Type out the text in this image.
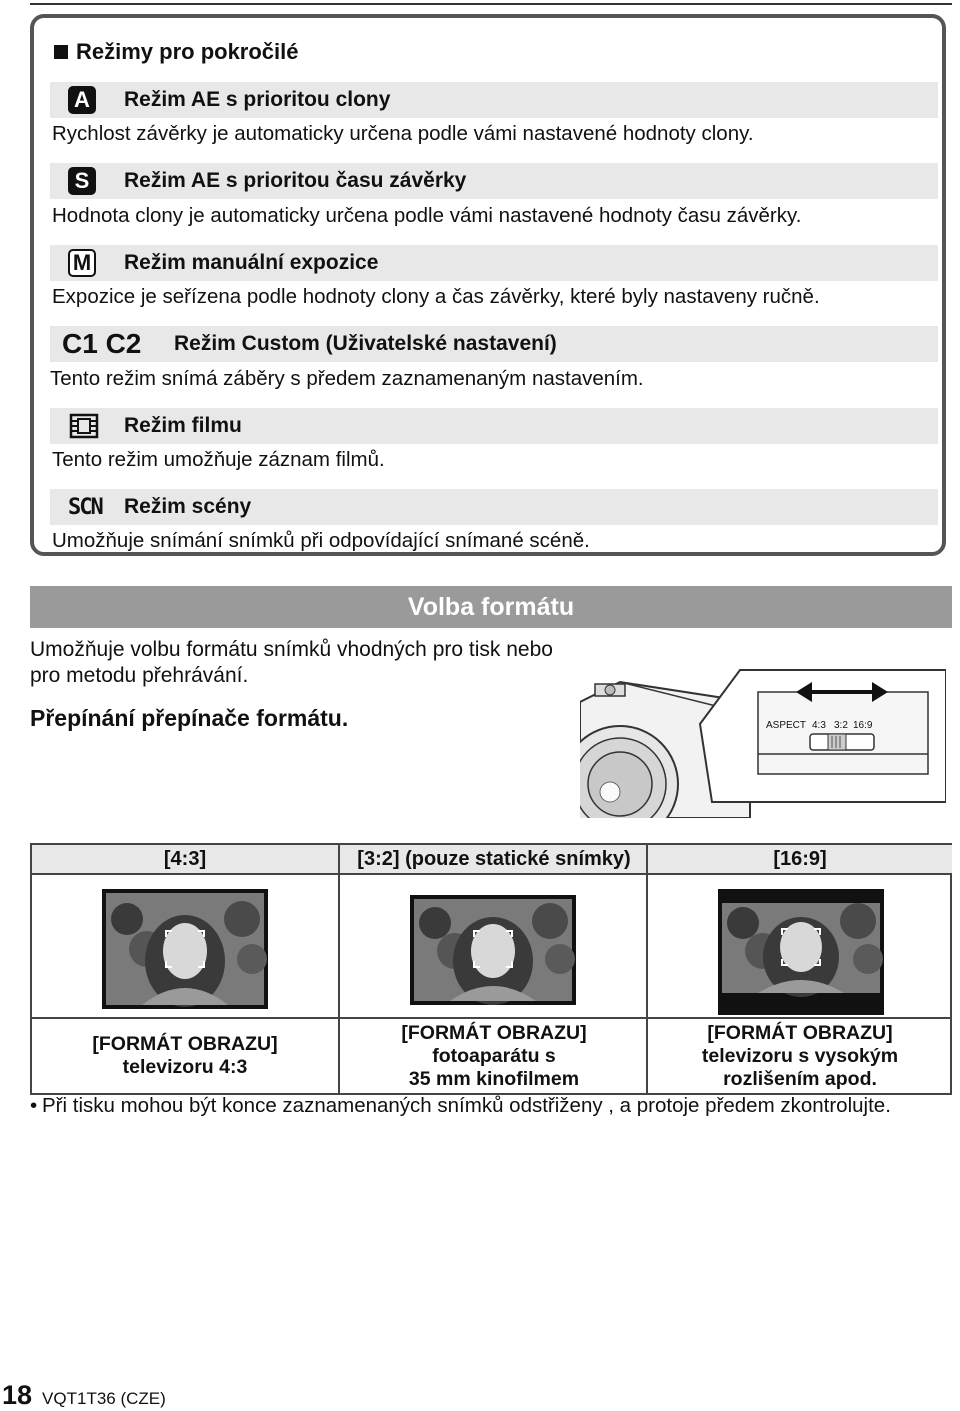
Režimy pro pokročilé
A Režim AE s prioritou clony
Rychlost závěrky je automaticky určena podle vámi nastavené hodnoty clony.
S	Režim AE s prioritou času závěrky
Hodnota clony je automaticky určena podle vámi nastavené hodnoty času závěrky.
M Režim manuální expozice
Expozice je seřízena podle hodnoty clony a čas závěrky, které byly nastaveny ručně.
C1 C2 Režim Custom (Uživatelské nastavení)
Tento režim snímá záběry s předem zaznamenaným nastavením.
Režim filmu
Tento režim umožňuje záznam filmů.
SCN Režim scény
Umožňuje snímání snímků při odpovídající snímané scéně.
Volba formátu
Umožňuje volbu formátu snímků vhodných pro tisk nebo pro metodu přehrávání.
Přepínání přepínače formátu.	ASPECT 4:3 3:2 16:9
[4:3]
[FORMÁT OBRAZU]
televizoru 4:3
[3:2] (pouze statické snímky)
[FORMÁT OBRAZU]
fotoaparátu s
35 mm kinofilmem
[16:9]
[FORMÁT OBRAZU]
televizoru s vysokým
rozlišením apod.
• Při tisku mohou být konce zaznamenaných snímků odstřiženy , a protoje předem zkontrolujte.
18 VQT1T36 (CZE)
